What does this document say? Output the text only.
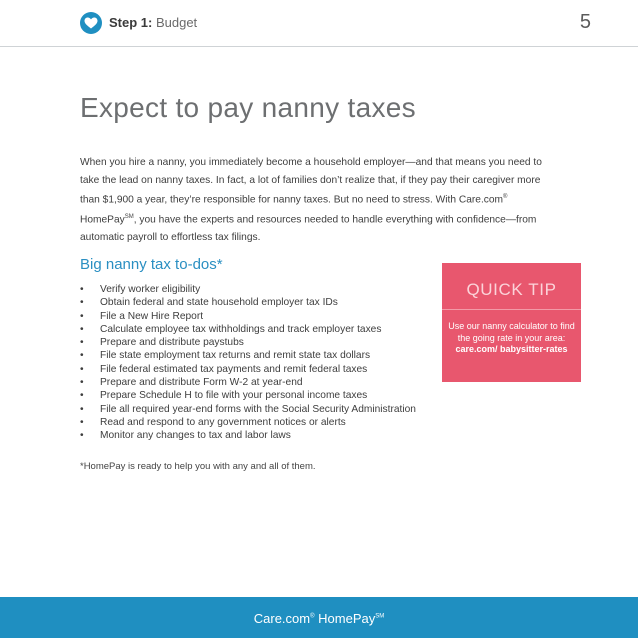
Step 1: Budget	5
Expect to pay nanny taxes

When you hire a nanny, you immediately become a household employer—and that means you need to take the lead on nanny taxes. In fact, a lot of families don’t realize that, if they pay their caregiver more than $1,900 a year, they’re responsible for nanny taxes. But no need to stress. With Care.com® HomePay℠, you have the experts and resources needed to handle everything with confidence—from automatic payroll to effortless tax filings.

Big nanny tax to-dos*
• Verify worker eligibility
• Obtain federal and state household employer tax IDs
• File a New Hire Report
• Calculate employee tax withholdings and track employer taxes
• Prepare and distribute paystubs
• File state employment tax returns and remit state tax dollars
• File federal estimated tax payments and remit federal taxes
• Prepare and distribute Form W-2 at year-end
• Prepare Schedule H to file with your personal income taxes
• File all required year-end forms with the Social Security Administration
• Read and respond to any government notices or alerts
• Monitor any changes to tax and labor laws

*HomePay is ready to help you with any and all of them.

QUICK TIP
Use our nanny calculator to find the going rate in your area: care.com/ babysitter-rates
Care.com® HomePay℠
